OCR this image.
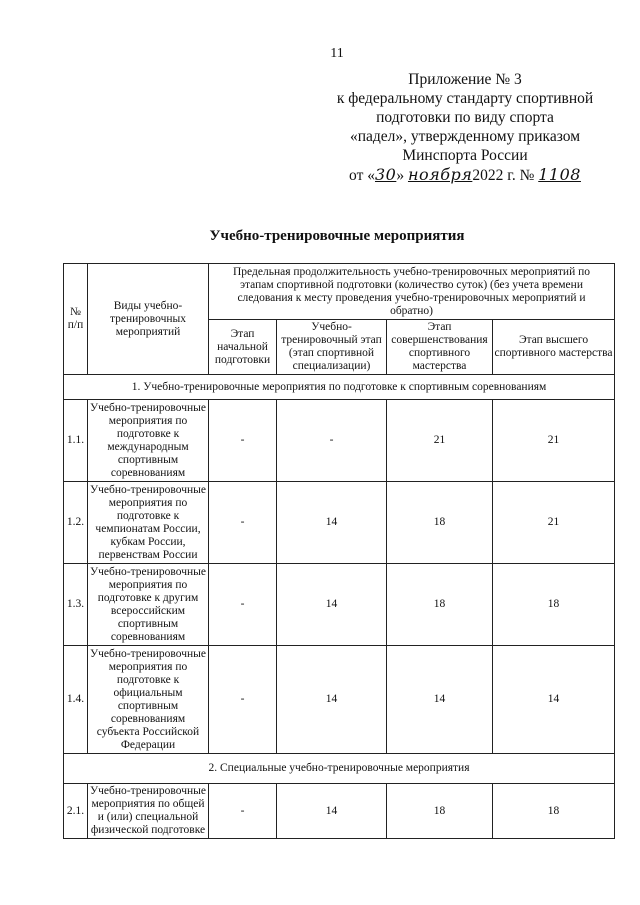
11
Приложение № 3
к федеральному стандарту спортивной
подготовки по виду спорта
«падел», утвержденному приказом
Минспорта России
от «30» ноября2022 г. № 1108
Учебно-тренировочные мероприятия
№ п/п	Виды учебно-тренировочных мероприятий	Предельная продолжительность учебно-тренировочных мероприятий по этапам спортивной подготовки (количество суток) (без учета времени следования к месту проведения учебно-тренировочных мероприятий и обратно)			
		Этап начальной подготовки	Учебно-тренировочный этап (этап спортивной специализации)	Этап совершенствования спортивного мастерства	Этап высшего спортивного мастерства
1. Учебно-тренировочные мероприятия по подготовке к спортивным соревнованиям					
1.1.	Учебно-тренировочные мероприятия по подготовке к международным спортивным соревнованиям	-	-	21	21
1.2.	Учебно-тренировочные мероприятия по подготовке к чемпионатам России, кубкам России, первенствам России	-	14	18	21
1.3.	Учебно-тренировочные мероприятия по подготовке к другим всероссийским спортивным соревнованиям	-	14	18	18
1.4.	Учебно-тренировочные мероприятия по подготовке к официальным спортивным соревнованиям субъекта Российской Федерации	-	14	14	14
2. Специальные учебно-тренировочные мероприятия					
2.1.	Учебно-тренировочные мероприятия по общей и (или) специальной физической подготовке	-	14	18	18
